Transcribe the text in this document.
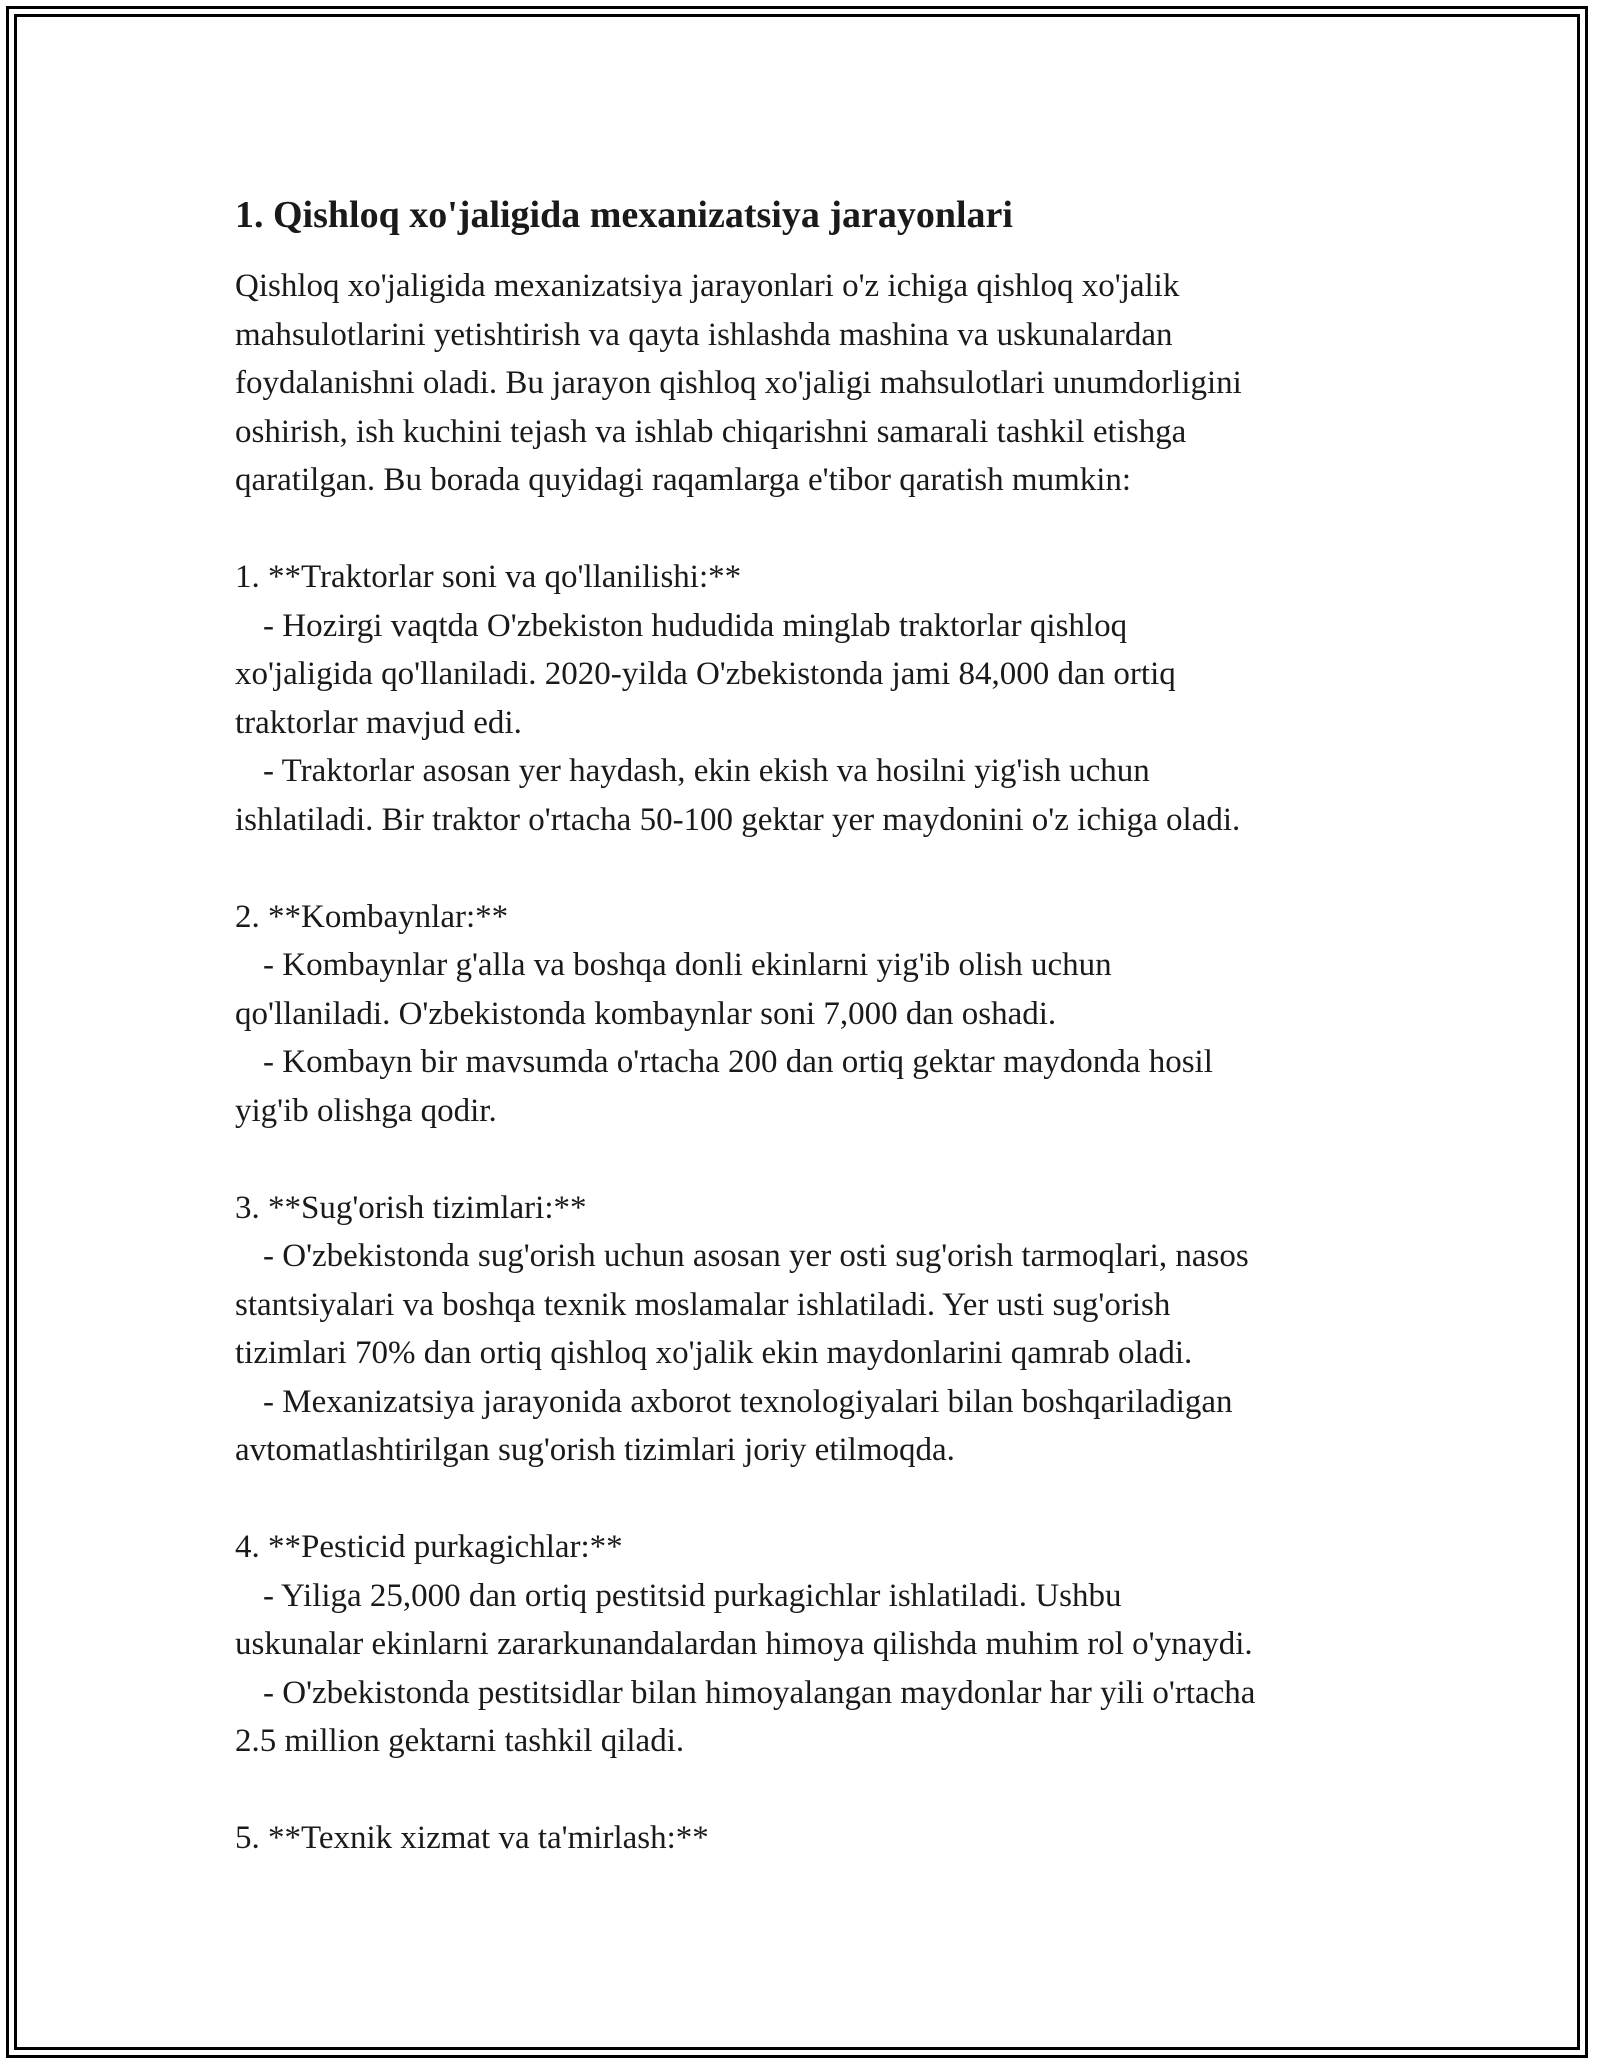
1. Qishloq xo'jaligida mexanizatsiya jarayonlari

Qishloq xo'jaligida mexanizatsiya jarayonlari o'z ichiga qishloq xo'jalik

mahsulotlarini yetishtirish va qayta ishlashda mashina va uskunalardan

foydalanishni oladi. Bu jarayon qishloq xo'jaligi mahsulotlari unumdorligini

oshirish, ish kuchini tejash va ishlab chiqarishni samarali tashkil etishga

qaratilgan. Bu borada quyidagi raqamlarga e'tibor qaratish mumkin:

1. **Traktorlar soni va qo'llanilishi:**

- Hozirgi vaqtda O'zbekiston hududida minglab traktorlar qishloq

xo'jaligida qo'llaniladi. 2020-yilda O'zbekistonda jami 84,000 dan ortiq

traktorlar mavjud edi.

- Traktorlar asosan yer haydash, ekin ekish va hosilni yig'ish uchun

ishlatiladi. Bir traktor o'rtacha 50-100 gektar yer maydonini o'z ichiga oladi.

2. **Kombaynlar:**

- Kombaynlar g'alla va boshqa donli ekinlarni yig'ib olish uchun

qo'llaniladi. O'zbekistonda kombaynlar soni 7,000 dan oshadi.

- Kombayn bir mavsumda o'rtacha 200 dan ortiq gektar maydonda hosil

yig'ib olishga qodir.

3. **Sug'orish tizimlari:**

- O'zbekistonda sug'orish uchun asosan yer osti sug'orish tarmoqlari, nasos

stantsiyalari va boshqa texnik moslamalar ishlatiladi. Yer usti sug'orish

tizimlari 70% dan ortiq qishloq xo'jalik ekin maydonlarini qamrab oladi.

- Mexanizatsiya jarayonida axborot texnologiyalari bilan boshqariladigan

avtomatlashtirilgan sug'orish tizimlari joriy etilmoqda.

4. **Pesticid purkagichlar:**

- Yiliga 25,000 dan ortiq pestitsid purkagichlar ishlatiladi. Ushbu

uskunalar ekinlarni zararkunandalardan himoya qilishda muhim rol o'ynaydi.

- O'zbekistonda pestitsidlar bilan himoyalangan maydonlar har yili o'rtacha

2.5 million gektarni tashkil qiladi.

5. **Texnik xizmat va ta'mirlash:**
